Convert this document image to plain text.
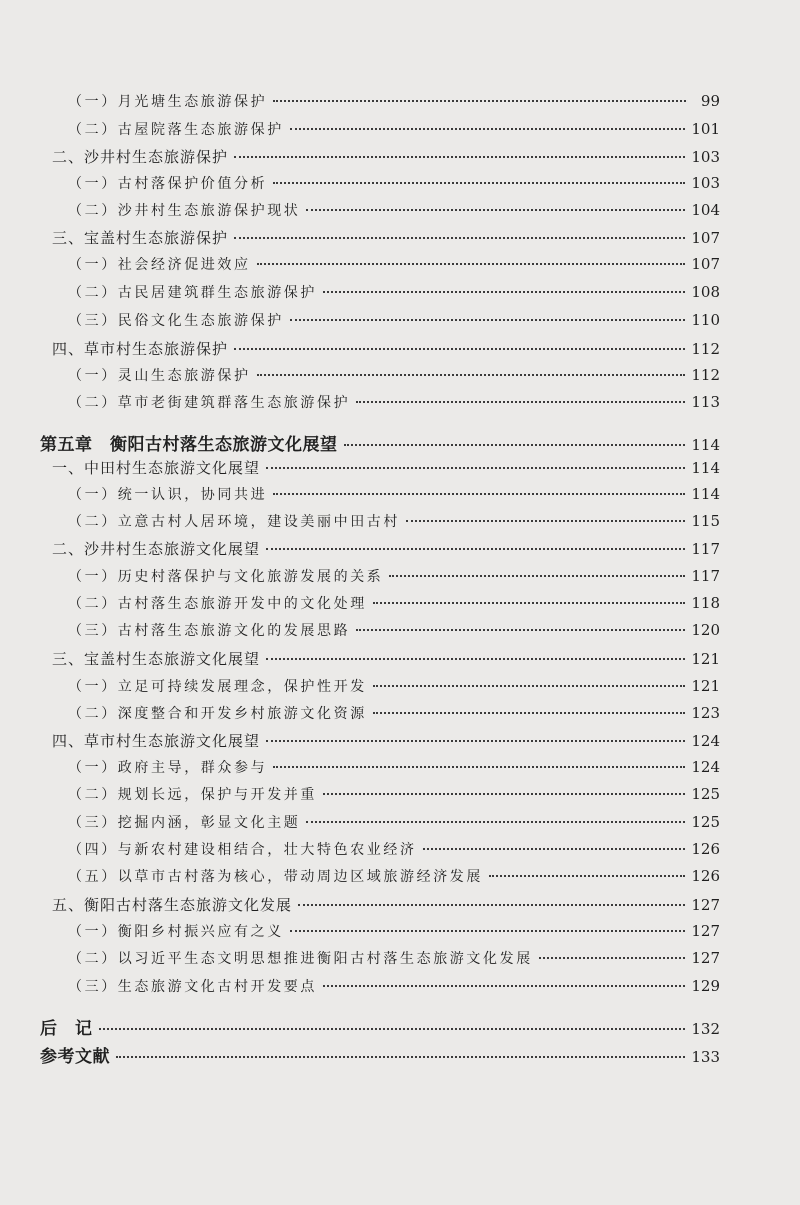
（一）月光塘生态旅游保护	99
（二）古屋院落生态旅游保护	101
二、沙井村生态旅游保护	103
（一）古村落保护价值分析	103
（二）沙井村生态旅游保护现状	104
三、宝盖村生态旅游保护	107
（一）社会经济促进效应	107
（二）古民居建筑群生态旅游保护	108
（三）民俗文化生态旅游保护	110
四、草市村生态旅游保护	112
（一）灵山生态旅游保护	112
（二）草市老街建筑群落生态旅游保护	113
第五章　衡阳古村落生态旅游文化展望	114
一、中田村生态旅游文化展望	114
（一）统一认识，协同共进	114
（二）立意古村人居环境，建设美丽中田古村	115
二、沙井村生态旅游文化展望	117
（一）历史村落保护与文化旅游发展的关系	117
（二）古村落生态旅游开发中的文化处理	118
（三）古村落生态旅游文化的发展思路	120
三、宝盖村生态旅游文化展望	121
（一）立足可持续发展理念，保护性开发	121
（二）深度整合和开发乡村旅游文化资源	123
四、草市村生态旅游文化展望	124
（一）政府主导，群众参与	124
（二）规划长远，保护与开发并重	125
（三）挖掘内涵，彰显文化主题	125
（四）与新农村建设相结合，壮大特色农业经济	126
（五）以草市古村落为核心，带动周边区域旅游经济发展	126
五、衡阳古村落生态旅游文化发展	127
（一）衡阳乡村振兴应有之义	127
（二）以习近平生态文明思想推进衡阳古村落生态旅游文化发展	127
（三）生态旅游文化古村开发要点	129
后　记	132
参考文献	133
